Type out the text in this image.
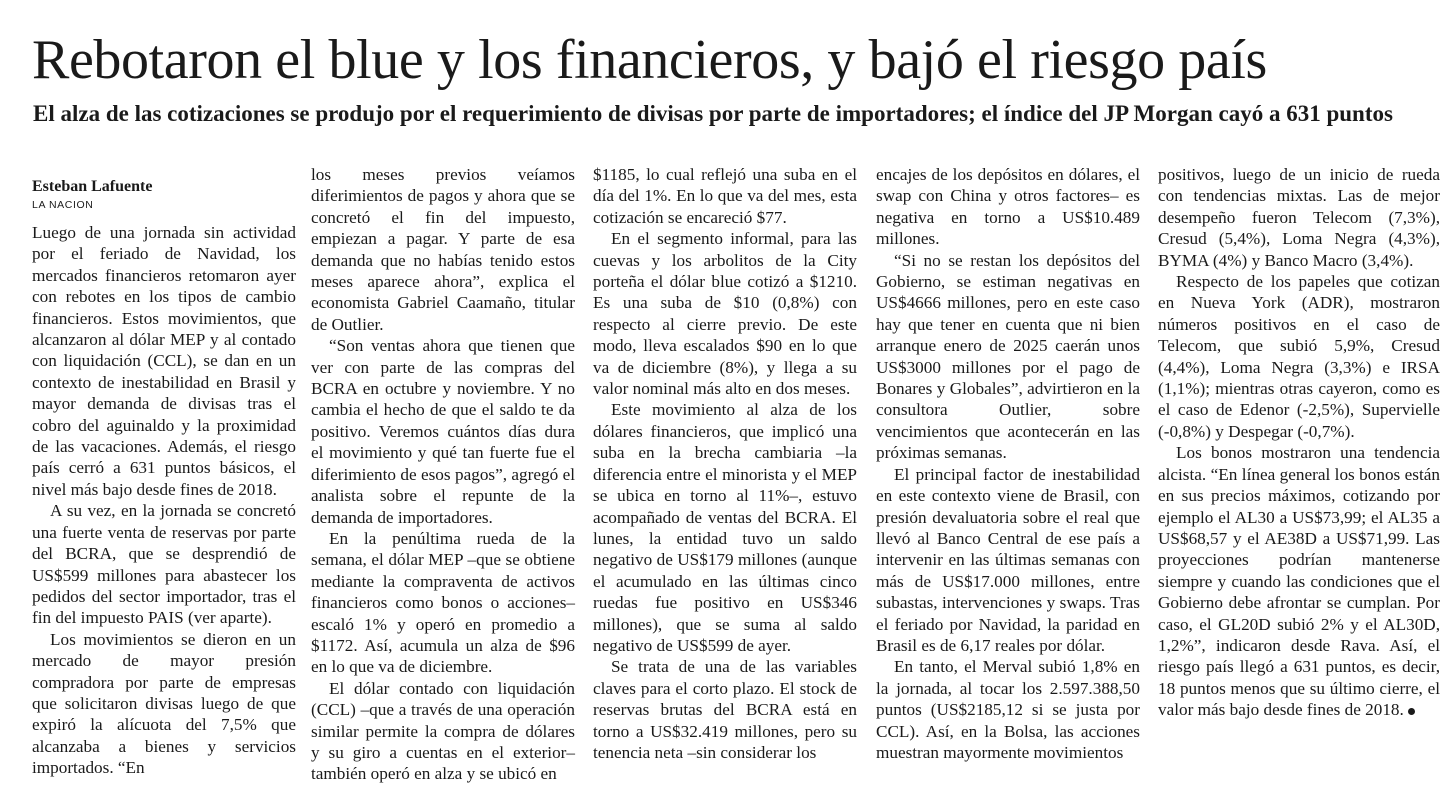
Rebotaron el blue y los financieros, y bajó el riesgo país
El alza de las cotizaciones se produjo por el requerimiento de divisas por parte de importadores; el índice del JP Morgan cayó a 631 puntos
Esteban Lafuente
LA NACION

Luego de una jornada sin actividad por el feriado de Navidad, los mercados financieros retomaron ayer con rebotes en los tipos de cambio financieros. Estos movimientos, que alcanzaron al dólar MEP y al contado con liquidación (CCL), se dan en un contexto de inestabilidad en Brasil y mayor demanda de divisas tras el cobro del aguinaldo y la proximidad de las vacaciones. Además, el riesgo país cerró a 631 puntos básicos, el nivel más bajo desde fines de 2018.

A su vez, en la jornada se concretó una fuerte venta de reservas por parte del BCRA, que se desprendió de US$599 millones para abastecer los pedidos del sector importador, tras el fin del impuesto PAIS (ver aparte).

Los movimientos se dieron en un mercado de mayor presión compradora por parte de empresas que solicitaron divisas luego de que expiró la alícuota del 7,5% que alcanzaba a bienes y servicios importados. “En

los meses previos veíamos diferimientos de pagos y ahora que se concretó el fin del impuesto, empiezan a pagar. Y parte de esa demanda que no habías tenido estos meses aparece ahora”, explica el economista Gabriel Caamaño, titular de Outlier.

“Son ventas ahora que tienen que ver con parte de las compras del BCRA en octubre y noviembre. Y no cambia el hecho de que el saldo te da positivo. Veremos cuántos días dura el movimiento y qué tan fuerte fue el diferimiento de esos pagos”, agregó el analista sobre el repunte de la demanda de importadores.

En la penúltima rueda de la semana, el dólar MEP –que se obtiene mediante la compraventa de activos financieros como bonos o acciones– escaló 1% y operó en promedio a $1172. Así, acumula un alza de $96 en lo que va de diciembre.

El dólar contado con liquidación (CCL) –que a través de una operación similar permite la compra de dólares y su giro a cuentas en el exterior– también operó en alza y se ubicó en

$1185, lo cual reflejó una suba en el día del 1%. En lo que va del mes, esta cotización se encareció $77.

En el segmento informal, para las cuevas y los arbolitos de la City porteña el dólar blue cotizó a $1210. Es una suba de $10 (0,8%) con respecto al cierre previo. De este modo, lleva escalados $90 en lo que va de diciembre (8%), y llega a su valor nominal más alto en dos meses.

Este movimiento al alza de los dólares financieros, que implicó una suba en la brecha cambiaria –la diferencia entre el minorista y el MEP se ubica en torno al 11%–, estuvo acompañado de ventas del BCRA. El lunes, la entidad tuvo un saldo negativo de US$179 millones (aunque el acumulado en las últimas cinco ruedas fue positivo en US$346 millones), que se suma al saldo negativo de US$599 de ayer.

Se trata de una de las variables claves para el corto plazo. El stock de reservas brutas del BCRA está en torno a US$32.419 millones, pero su tenencia neta –sin considerar los

encajes de los depósitos en dólares, el swap con China y otros factores– es negativa en torno a US$10.489 millones.

“Si no se restan los depósitos del Gobierno, se estiman negativas en US$4666 millones, pero en este caso hay que tener en cuenta que ni bien arranque enero de 2025 caerán unos US$3000 millones por el pago de Bonares y Globales”, advirtieron en la consultora Outlier, sobre vencimientos que acontecerán en las próximas semanas.

El principal factor de inestabilidad en este contexto viene de Brasil, con presión devaluatoria sobre el real que llevó al Banco Central de ese país a intervenir en las últimas semanas con más de US$17.000 millones, entre subastas, intervenciones y swaps. Tras el feriado por Navidad, la paridad en Brasil es de 6,17 reales por dólar.

En tanto, el Merval subió 1,8% en la jornada, al tocar los 2.597.388,50 puntos (US$2185,12 si se justa por CCL). Así, en la Bolsa, las acciones muestran mayormente movimientos

positivos, luego de un inicio de rueda con tendencias mixtas. Las de mejor desempeño fueron Telecom (7,3%), Cresud (5,4%), Loma Negra (4,3%), BYMA (4%) y Banco Macro (3,4%).

Respecto de los papeles que cotizan en Nueva York (ADR), mostraron números positivos en el caso de Telecom, que subió 5,9%, Cresud (4,4%), Loma Negra (3,3%) e IRSA (1,1%); mientras otras cayeron, como es el caso de Edenor (-2,5%), Supervielle (-0,8%) y Despegar (-0,7%).

Los bonos mostraron una tendencia alcista. “En línea general los bonos están en sus precios máximos, cotizando por ejemplo el AL30 a US$73,99; el AL35 a US$68,57 y el AE38D a US$71,99. Las proyecciones podrían mantenerse siempre y cuando las condiciones que el Gobierno debe afrontar se cumplan. Por caso, el GL20D subió 2% y el AL30D, 1,2%”, indicaron desde Rava. Así, el riesgo país llegó a 631 puntos, es decir, 18 puntos menos que su último cierre, el valor más bajo desde fines de 2018.
